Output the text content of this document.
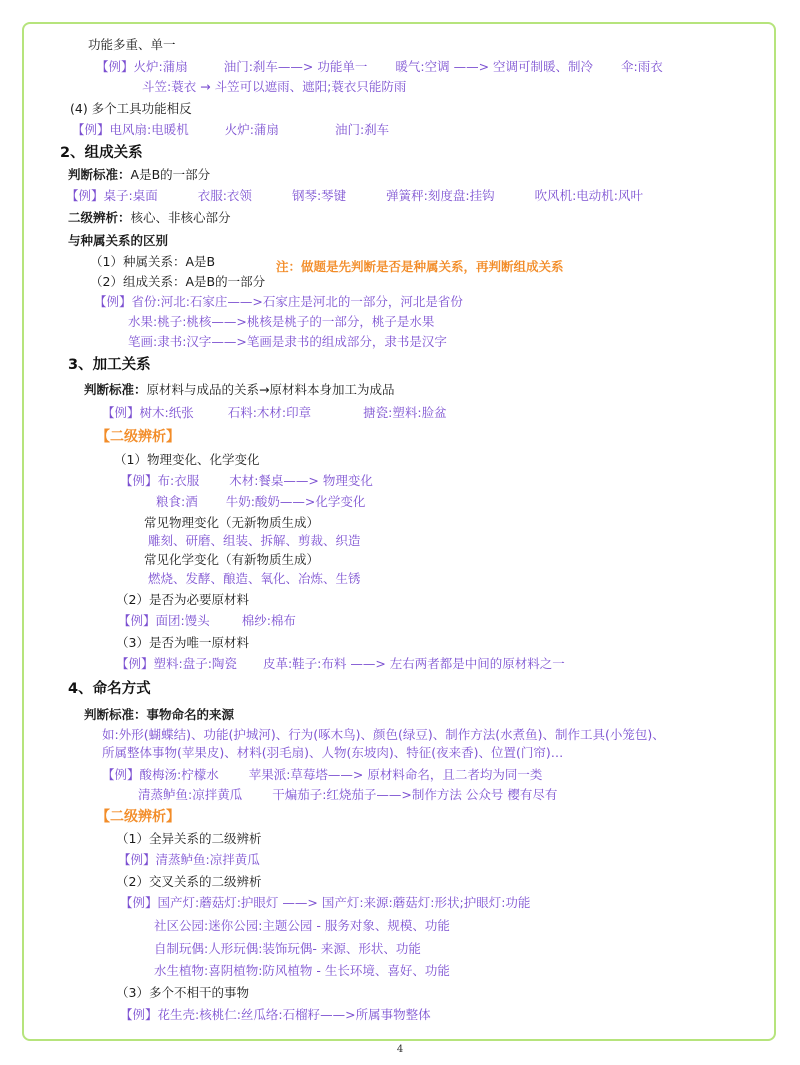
功能多重、单一
【例】火炉:蒲扇	油门:刹车——> 功能单一 暖气:空调 ——> 空调可制暖、制冷 伞:雨衣
斗笠:蓑衣 → 斗笠可以遮雨、遮阳;蓑衣只能防雨
(4) 多个工具功能相反
【例】电风扇:电暖机	火炉:蒲扇	油门:刹车
2、组成关系
判断标准：A是B的一部分
【例】桌子:桌面	衣服:衣领	钢琴:琴键	弹簧秤:刻度盘:挂钩	吹风机:电动机:风叶
二级辨析：核心、非核心部分
与种属关系的区别
（1）种属关系：A是B	注：做题是先判断是否是种属关系，再判断组成关系
（2）组成关系：A是B的一部分
【例】省份:河北:石家庄——>石家庄是河北的一部分，河北是省份
水果:桃子:桃核——>桃核是桃子的一部分，桃子是水果
笔画:隶书:汉字——>笔画是隶书的组成部分，隶书是汉字
3、加工关系
判断标准：原材料与成品的关系→原材料本身加工为成品
【例】树木:纸张	石料:木材:印章	搪瓷:塑料:脸盆
【二级辨析】
（1）物理变化、化学变化
【例】布:衣服 木材:餐桌——> 物理变化
粮食:酒 牛奶:酸奶——>化学变化
常见物理变化（无新物质生成）
雕刻、研磨、组装、拆解、剪裁、织造
常见化学变化（有新物质生成）
燃烧、发酵、酿造、氧化、冶炼、生锈
（2）是否为必要原材料
【例】面团:馒头	棉纱:棉布
（3）是否为唯一原材料
【例】塑料:盘子:陶瓷 皮革:鞋子:布料 ——> 左右两者都是中间的原材料之一
4、命名方式
判断标准：事物命名的来源
如:外形(蝴蝶结)、功能(护城河)、行为(啄木鸟)、颜色(绿豆)、制作方法(水煮鱼)、制作工具(小笼包)、
所属整体事物(苹果皮)、材料(羽毛扇)、人物(东坡肉)、特征(夜来香)、位置(门帘)…
【例】酸梅汤:柠檬水 苹果派:草莓塔——> 原材料命名，且二者均为同一类
清蒸鲈鱼:凉拌黄瓜 干煸茄子:红烧茄子——>制作方法 公众号 樱有尽有
【二级辨析】
（1）全异关系的二级辨析
【例】清蒸鲈鱼:凉拌黄瓜
（2）交叉关系的二级辨析
【例】国产灯:蘑菇灯:护眼灯 ——> 国产灯:来源:蘑菇灯:形状;护眼灯:功能
社区公园:迷你公园:主题公园 - 服务对象、规模、功能
自制玩偶:人形玩偶:装饰玩偶- 来源、形状、功能
水生植物:喜阴植物:防风植物 - 生长环境、喜好、功能
（3）多个不相干的事物
【例】花生壳:核桃仁:丝瓜络:石榴籽——>所属事物整体
4
